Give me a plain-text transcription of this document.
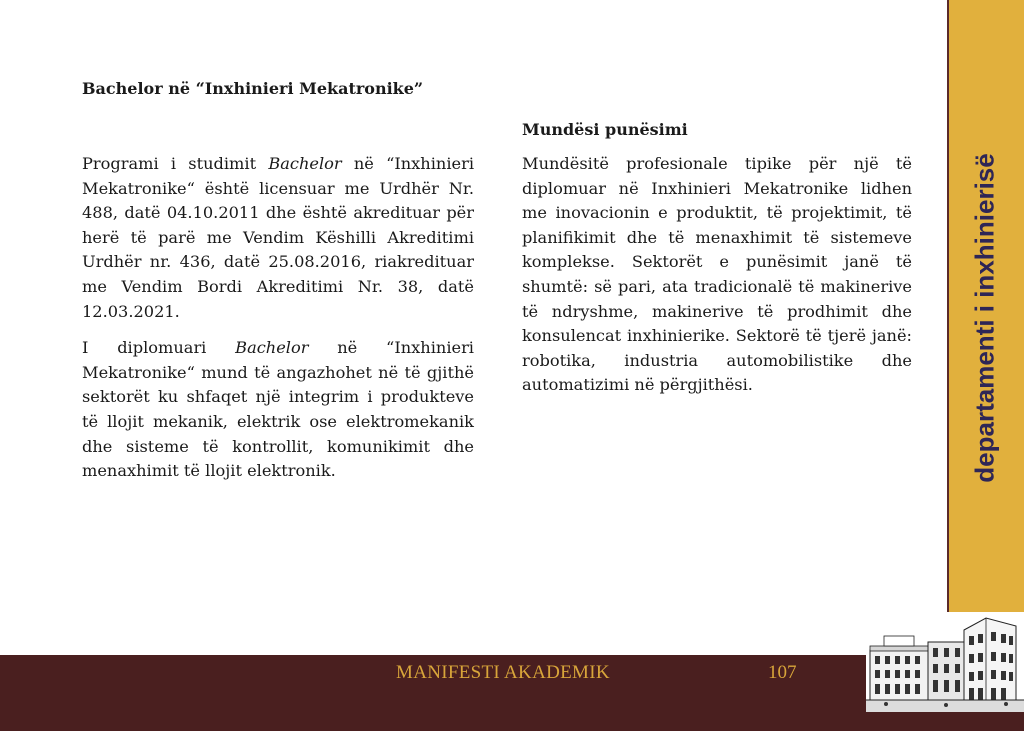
departamenti i inxhinierisë
Bachelor në “Inxhinieri Mekatronike”

Programi i studimit Bachelor në “Inxhinieri Mekatronike“ është licensuar me Urdhër Nr. 488, datë 04.10.2011 dhe është akredituar për herë të parë me Vendim Këshilli Akreditimi Urdhër nr. 436, datë 25.08.2016, riakredituar me Vendim Bordi Akreditimi Nr. 38, datë 12.03.2021.

I diplomuari Bachelor në “Inxhinieri Mekatronike“ mund të angazhohet në të gjithë sektorët ku shfaqet një integrim i produkteve të llojit mekanik, elektrik ose elektromekanik dhe sisteme të kontrollit, komunikimit dhe menaxhimit të llojit elektronik.

Mundësi punësimi

Mundësitë profesionale tipike për një të diplomuar në Inxhinieri Mekatronike lidhen me inovacionin e produktit, të projektimit, të planifikimit dhe të menaxhimit të sistemeve komplekse. Sektorët e punësimit janë të shumtë: së pari, ata tradicionalë të makinerive të ndryshme, makinerive të prodhimit dhe konsulencat inxhinierike. Sektorë të tjerë janë: robotika, industria automobilistike dhe automatizimi në përgjithësi.

MANIFESTI AKADEMIK	107
